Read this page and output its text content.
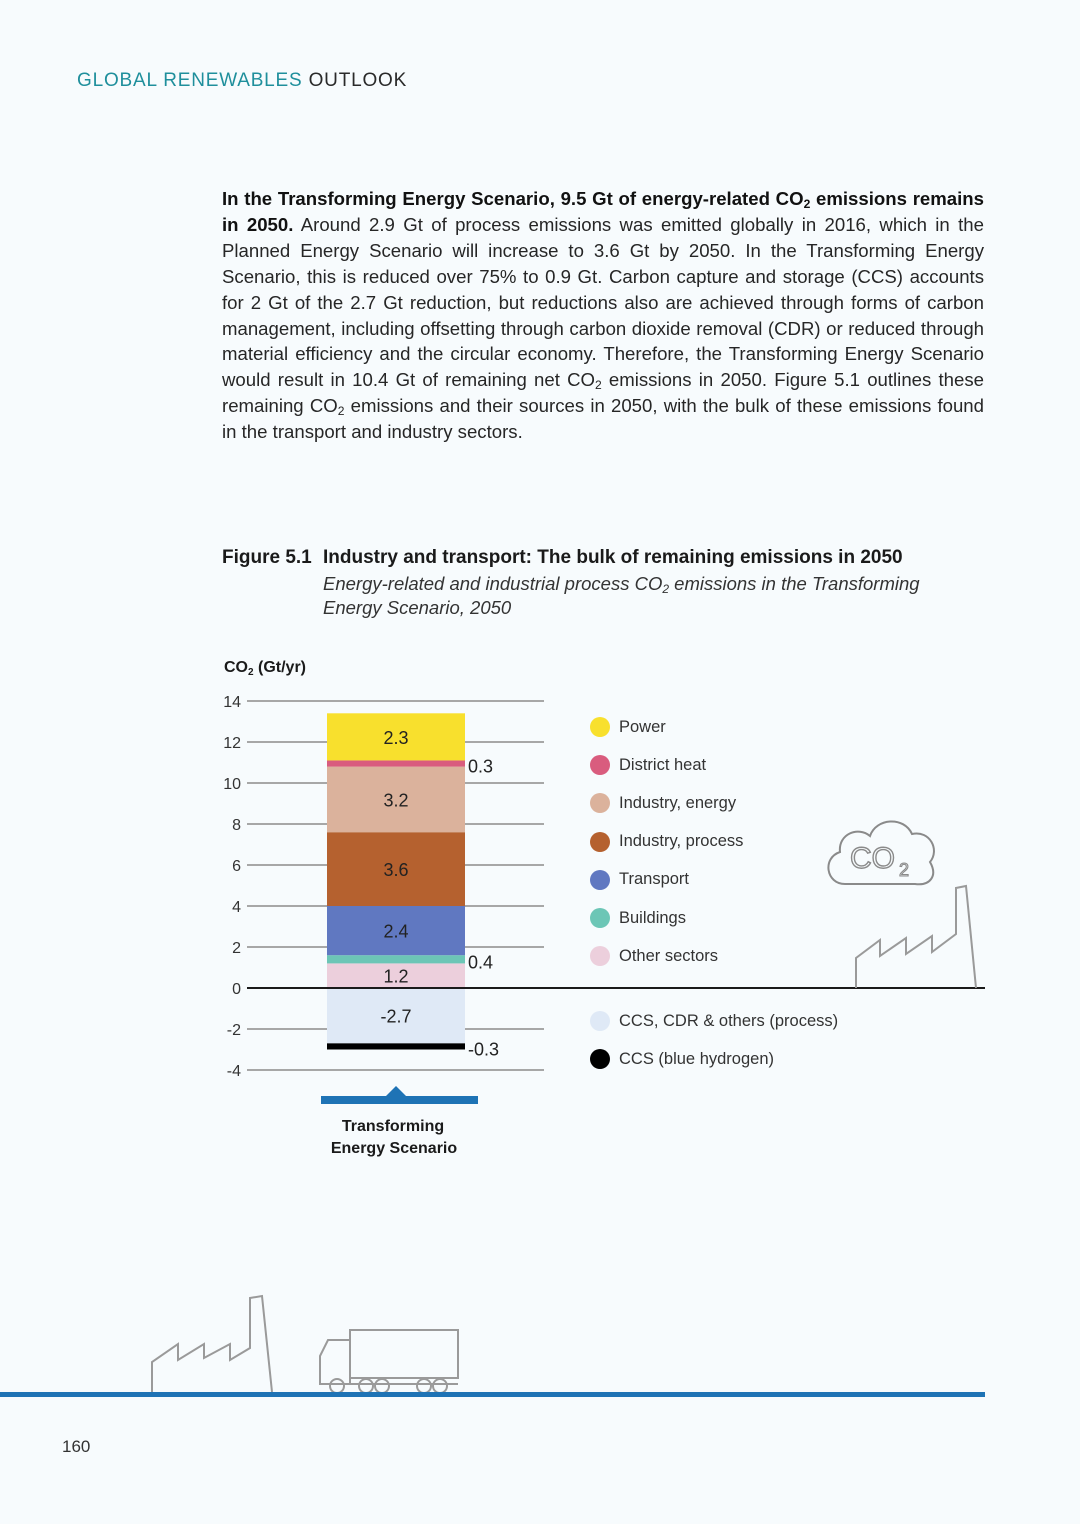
GLOBAL RENEWABLES OUTLOOK
In the Transforming Energy Scenario, 9.5 Gt of energy-related $CO_2$ emissions remains in 2050. Around 2.9 Gt of process emissions was emitted globally in 2016, which in the Planned Energy Scenario will increase to 3.6 Gt by 2050. In the Transforming Energy Scenario, this is reduced over 75% to 0.9 Gt. Carbon capture and storage (CCS) accounts for 2 Gt of the 2.7 Gt reduction, but reductions also are achieved through forms of carbon management, including offsetting through carbon dioxide removal (CDR) or reduced through material efficiency and the circular economy. Therefore, the Transforming Energy Scenario would result in 10.4 Gt of remaining net $CO_2$ emissions in 2050. Figure 5.1 outlines these remaining $CO_2$ emissions and their sources in 2050, with the bulk of these emissions found in the transport and industry sectors.
Figure 5.1 Industry and transport: The bulk of remaining emissions in 2050
Energy-related and industrial process $CO_2$ emissions in the Transforming Energy Scenario, 2050
CO2 (Gt/yr)
14
12
10
8
6
4
2
0
-2
-4
1.2
0.4
2.4
3.6
3.2
0.3
2.3
-2.7
-0.3
Transforming
Energy Scenario
CO 2
Power
District heat
Industry, energy
Industry, process
Transport
Buildings
Other sectors
CCS, CDR & others (process)
CCS (blue hydrogen)
160
